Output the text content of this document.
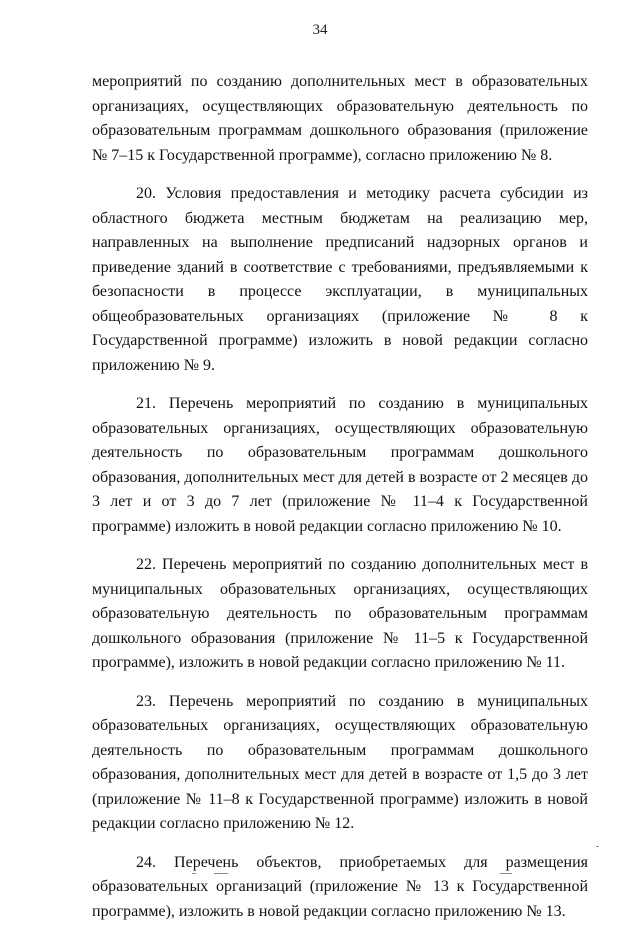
34

мероприятий по созданию дополнительных мест в образовательных организациях, осуществляющих образовательную деятельность по образовательным программам дошкольного образования (приложение № 7–15 к Государственной программе), согласно приложению № 8.

20. Условия предоставления и методику расчета субсидии из областного бюджета местным бюджетам на реализацию мер, направленных на выполнение предписаний надзорных органов и приведение зданий в соответствие с требованиями, предъявляемыми к безопасности в процессе эксплуатации, в муниципальных общеобразовательных организациях (приложение № 8 к Государственной программе) изложить в новой редакции согласно приложению № 9.

21. Перечень мероприятий по созданию в муниципальных образовательных организациях, осуществляющих образовательную деятельность по образовательным программам дошкольного образования, дополнительных мест для детей в возрасте от 2 месяцев до 3 лет и от 3 до 7 лет (приложение № 11–4 к Государственной программе) изложить в новой редакции согласно приложению № 10.

22. Перечень мероприятий по созданию дополнительных мест в муниципальных образовательных организациях, осуществляющих образовательную деятельность по образовательным программам дошкольного образования (приложение № 11–5 к Государственной программе), изложить в новой редакции согласно приложению № 11.

23. Перечень мероприятий по созданию в муниципальных образовательных организациях, осуществляющих образовательную деятельность по образовательным программам дошкольного образования, дополнительных мест для детей в возрасте от 1,5 до 3 лет (приложение № 11–8 к Государственной программе) изложить в новой редакции согласно приложению № 12.

24. Перечень объектов, приобретаемых для размещения образовательных организаций (приложение № 13 к Государственной программе), изложить в новой редакции согласно приложению № 13.
